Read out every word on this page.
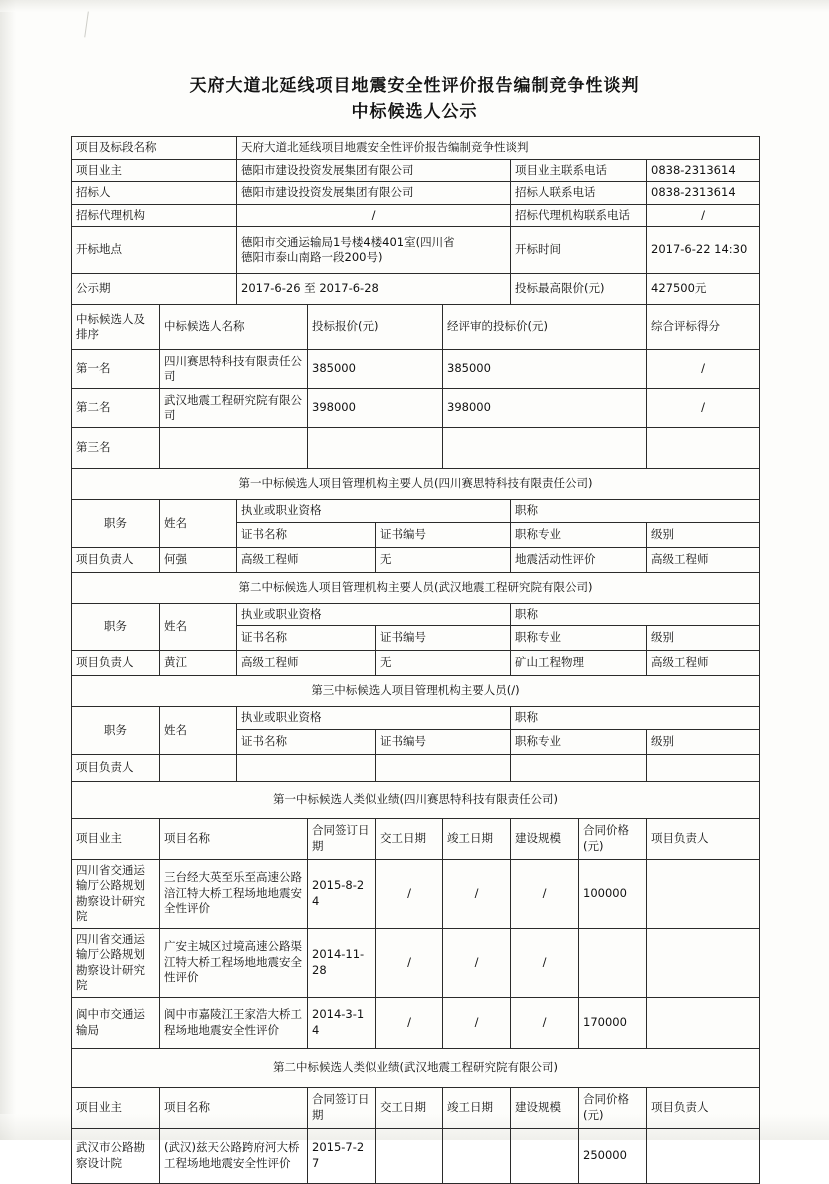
天府大道北延线项目地震安全性评价报告编制竞争性谈判
中标候选人公示
项目及标段名称		天府大道北延线项目地震安全性评价报告编制竞争性谈判						
项目业主		德阳市建设投资发展集团有限公司				项目业主联系电话		0838-2313614
招标人		德阳市建设投资发展集团有限公司				招标人联系电话		0838-2313614
招标代理机构		/				招标代理机构联系电话		/
开标地点		德阳市交通运输局1号楼4楼401室(四川省
德阳市泰山南路一段200号)				开标时间		2017-6-22 14:30
公示期		2017-6-26 至 2017-6-28				投标最高限价(元)		427500元
中标候选人及排序	中标候选人名称		投标报价(元)		经评审的投标价(元)			综合评标得分
第一名	四川赛思特科技有限责任公司		385000		385000			/
第二名	武汉地震工程研究院有限公司		398000		398000			/
第三名								
第一中标候选人项目管理机构主要人员(四川赛思特科技有限责任公司)								
职务	姓名	执业或职业资格				职称		
		证书名称		证书编号		职称专业		级别
项目负责人	何强	高级工程师		无		地震活动性评价		高级工程师
第二中标候选人项目管理机构主要人员(武汉地震工程研究院有限公司)								
职务	姓名	执业或职业资格				职称		
		证书名称		证书编号		职称专业		级别
项目负责人	黄江	高级工程师		无		矿山工程物理		高级工程师
第三中标候选人项目管理机构主要人员(/)								
职务	姓名	执业或职业资格				职称		
		证书名称		证书编号		职称专业		级别
项目负责人								
第一中标候选人类似业绩(四川赛思特科技有限责任公司)								
项目业主	项目名称		合同签订日期	交工日期	竣工日期	建设规模	合同价格(元)	项目负责人
四川省交通运输厅公路规划勘察设计研究院	三台经大英至乐至高速公路涪江特大桥工程场地地震安全性评价		2015-8-24	/	/	/	100000	
四川省交通运输厅公路规划勘察设计研究院	广安主城区过境高速公路渠江特大桥工程场地地震安全性评价		2014-11-28	/	/	/		
阆中市交通运输局	阆中市嘉陵江王家浩大桥工程场地地震安全性评价		2014-3-14	/	/	/	170000	
第二中标候选人类似业绩(武汉地震工程研究院有限公司)								
项目业主	项目名称		合同签订日期	交工日期	竣工日期	建设规模	合同价格(元)	项目负责人
武汉市公路勘察设计院	(武汉)兹天公路跨府河大桥工程场地地震安全性评价		2015-7-27				250000	
